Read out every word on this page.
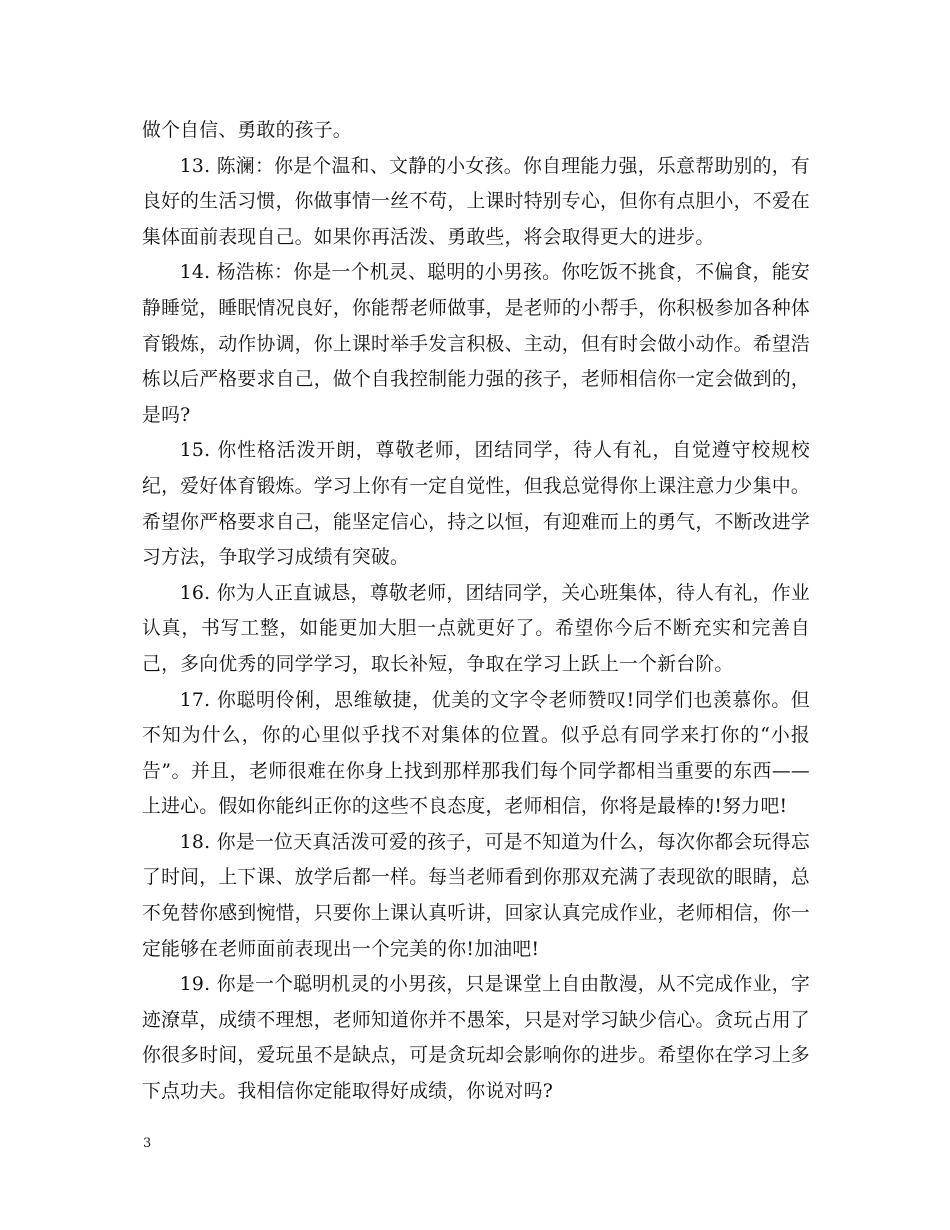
做个自信、勇敢的孩子。

13. 陈澜：你是个温和、文静的小女孩。你自理能力强，乐意帮助别的，有良好的生活习惯，你做事情一丝不苟，上课时特别专心，但你有点胆小，不爱在集体面前表现自己。如果你再活泼、勇敢些，将会取得更大的进步。

14. 杨浩栋：你是一个机灵、聪明的小男孩。你吃饭不挑食，不偏食，能安静睡觉，睡眠情况良好，你能帮老师做事，是老师的小帮手，你积极参加各种体育锻炼，动作协调，你上课时举手发言积极、主动，但有时会做小动作。希望浩栋以后严格要求自己，做个自我控制能力强的孩子，老师相信你一定会做到的，是吗?

15. 你性格活泼开朗，尊敬老师，团结同学，待人有礼，自觉遵守校规校纪，爱好体育锻炼。学习上你有一定自觉性，但我总觉得你上课注意力少集中。希望你严格要求自己，能坚定信心，持之以恒，有迎难而上的勇气，不断改进学习方法，争取学习成绩有突破。

16. 你为人正直诚恳，尊敬老师，团结同学，关心班集体，待人有礼，作业认真，书写工整，如能更加大胆一点就更好了。希望你今后不断充实和完善自己，多向优秀的同学学习，取长补短，争取在学习上跃上一个新台阶。

17. 你聪明伶俐，思维敏捷，优美的文字令老师赞叹!同学们也羡慕你。但不知为什么，你的心里似乎找不对集体的位置。似乎总有同学来打你的“小报告”。并且，老师很难在你身上找到那样那我们每个同学都相当重要的东西——上进心。假如你能纠正你的这些不良态度，老师相信，你将是最棒的!努力吧!

18. 你是一位天真活泼可爱的孩子，可是不知道为什么，每次你都会玩得忘了时间，上下课、放学后都一样。每当老师看到你那双充满了表现欲的眼睛，总不免替你感到惋惜，只要你上课认真听讲，回家认真完成作业，老师相信，你一定能够在老师面前表现出一个完美的你!加油吧!

19. 你是一个聪明机灵的小男孩，只是课堂上自由散漫，从不完成作业，字迹潦草，成绩不理想，老师知道你并不愚笨，只是对学习缺少信心。贪玩占用了你很多时间，爱玩虽不是缺点，可是贪玩却会影响你的进步。希望你在学习上多下点功夫。我相信你定能取得好成绩，你说对吗?

3
